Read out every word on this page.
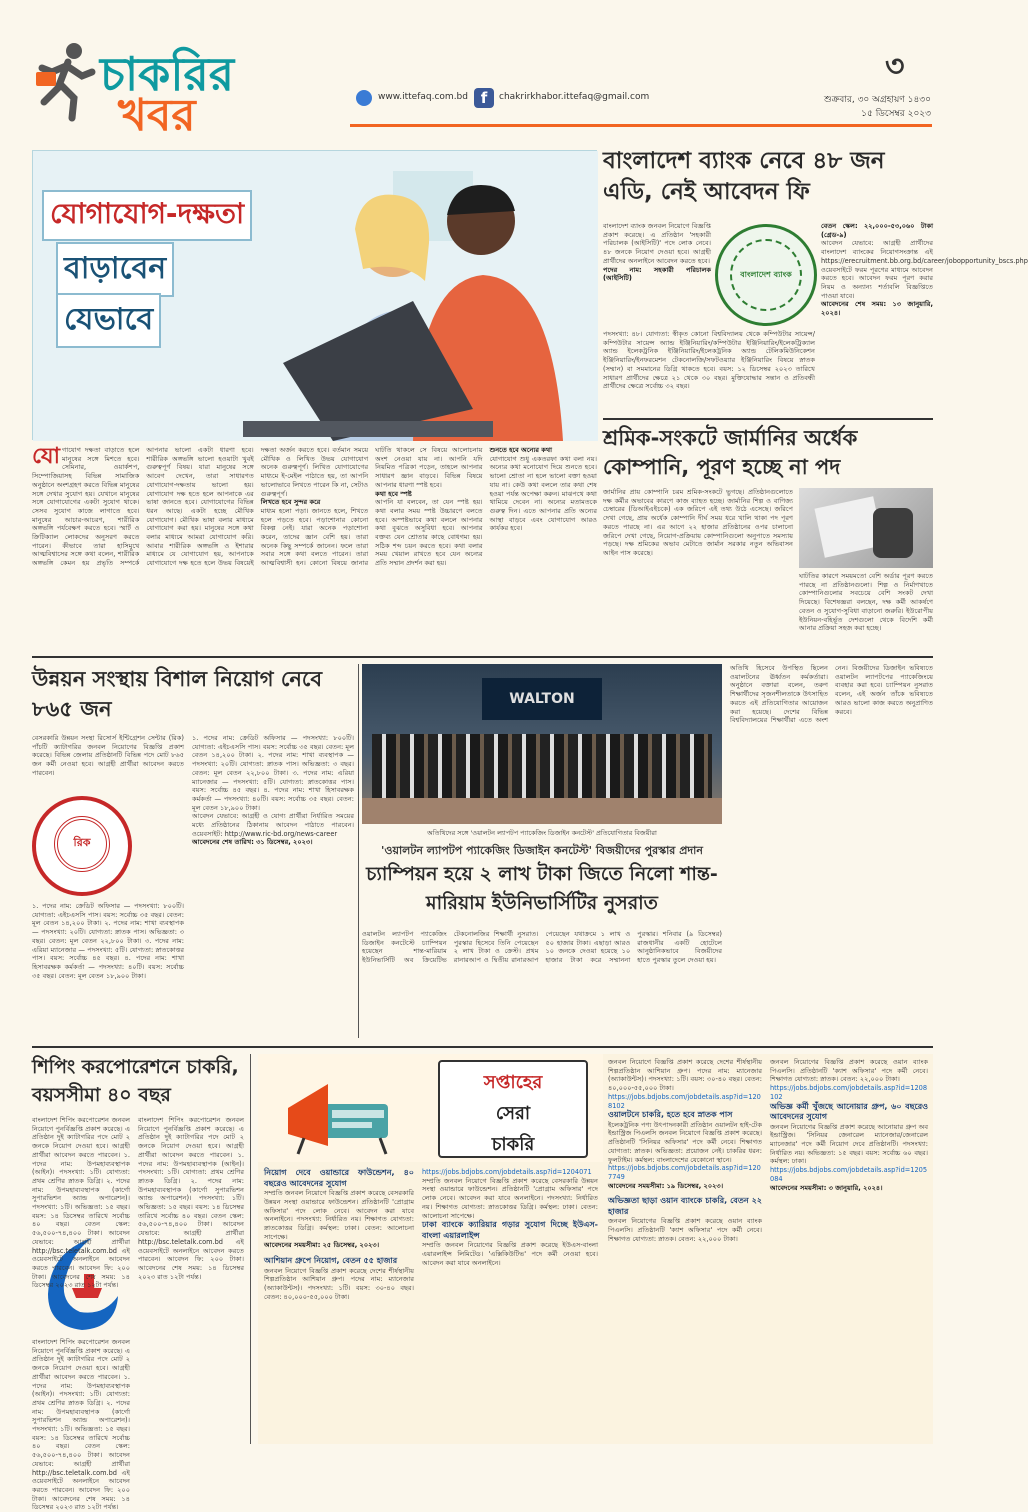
চাকরির
খবর	www.ittefaq.com.bd f	chakrirkhabor.ittefaq@gmail.com
৩
শুক্রবার, ৩০ অগ্রহায়ণ ১৪৩০
১৫ ডিসেম্বর ২০২৩
যোগাযোগ-দক্ষতা
বাড়াবেন
যেভাবে
যো গাযোগ দক্ষতা বাড়াতে হলে মানুষের সঙ্গে মিশতে হবে। সেমিনার, ওয়ার্কশপ, সিম্পোজিয়াসহ বিভিন্ন সামাজিক অনুষ্ঠানে অংশগ্রহণ করতে বিভিন্ন মানুষের সঙ্গে দেখার সুযোগ হয়। যেখানে মানুষের সঙ্গে যোগাযোগের একটা সুযোগ থাকে। সেসব সুযোগ কাজে লাগাতে হবে। মানুষের আচার-আচরণ, শারীরিক অঙ্গভঙ্গি পর্যবেক্ষণ করতে হবে। স্মার্ট ও ক্রিটিক্যাল লোকদের অনুসরণ করতে পারেন। কীভাবে তারা হাসিমুখে আত্মবিশ্বাসের সঙ্গে কথা বলেন, শারীরিক অঙ্গভঙ্গি কেমন হয় প্রভৃতি সম্পর্কে আপনার ভালো একটা ধারণা হবে। শারীরিক অঙ্গভঙ্গি ভালো হওয়াটা খুবই গুরুত্বপূর্ণ বিষয়। যারা মানুষের সঙ্গে আবেগ দেখেন, তারা সাধারণত যোগাযোগ-দক্ষতায় ভালো হয়। যোগাযোগ দক্ষ হতে হলে আপনাকে এর ভাষা জানতে হবে। যোগাযোগের বিভিন্ন ধরন আছে। একটা হচ্ছে মৌখিক যোগাযোগ। মৌখিক ভাষা বলার মাধ্যমে যোগাযোগ করা হয়। মানুষের সঙ্গে কথা বলার মাধ্যমে আমরা যোগাযোগ করি। আবার শারীরিক অঙ্গভঙ্গি ও ইশারার মাধ্যমে যে যোগাযোগ হয়, আপনাকে যোগাযোগে দক্ষ হতে হলে উভয় বিষয়েই দক্ষতা অর্জন করতে হবে। বর্তমান সময়ে মৌখিক ও লিখিত উভয় যোগাযোগ অনেক গুরুত্বপূর্ণ। লিখিত যোগাযোগের মাধ্যমে ই-মেইল পাঠাতে হয়, তা আপনি ভালোভাবে লিখতে পারেন কি না, সেটাও গুরুত্বপূর্ণ।
লিখতে হবে সুন্দর করে
মাধ্যম হলো পড়া। জানতে হলে, শিখতে হলে পড়তে হবে। পড়াশোনার কোনো বিকল্প নেই। যারা অনেক পড়াশোনা করেন, তাদের জ্ঞান বেশি হয়। তারা অনেক কিছু সম্পর্কে জানেন। ফলে তারা সবার সঙ্গে কথা বলতে পারেন। তারা আত্মবিশ্বাসী হন। কোনো বিষয়ে জানার ঘাটতি থাকলে সে বিষয়ে আলোচনায় অংশ নেওয়া যায় না। আপনি যদি নিয়মিত পত্রিকা পড়েন, তাহলে আপনার সাধারণ জ্ঞান বাড়বে। বিভিন্ন বিষয়ে আপনার ধারণা স্পষ্ট হবে।
কথা হবে স্পষ্ট
আপনি যা বলবেন, তা যেন স্পষ্ট হয়। কথা বলার সময় স্পষ্ট উচ্চারণে বলতে হবে। অস্পষ্টভাবে কথা বললে আপনার কথা বুঝতে অসুবিধা হবে। আপনার বক্তব্য যেন শ্রোতার কাছে বোধগম্য হয়। সঠিক শব্দ চয়ন করতে হবে। কথা বলার সময় খেয়াল রাখতে হবে যেন অন্যের প্রতি সম্মান প্রদর্শন করা হয়।
শুনতে হবে অন্যের কথা
যোগাযোগ শুধু একতরফা কথা বলা নয়। অন্যের কথা মনোযোগ দিয়ে শুনতে হবে। ভালো শ্রোতা না হলে ভালো বক্তা হওয়া যায় না। কেউ কথা বললে তার কথা শেষ হওয়া পর্যন্ত অপেক্ষা করুন। মাঝপথে কথা থামিয়ে দেবেন না। অন্যের মতামতকে গুরুত্ব দিন। এতে আপনার প্রতি অন্যের আস্থা বাড়বে এবং যোগাযোগ আরও কার্যকর হবে।
বাংলাদেশ ব্যাংক নেবে ৪৮ জন এডি, নেই আবেদন ফি
বাংলাদেশ ব্যাংক
বাংলাদেশ ব্যাংক জনবল নিয়োগে বিজ্ঞপ্তি প্রকাশ করেছে। এ প্রতিষ্ঠান 'সহকারী পরিচালক (আইসিটি)' পদে লোক নেবে। ৪৮ জনকে নিয়োগ দেওয়া হবে। আগ্রহী প্রার্থীদের অনলাইনে আবেদন করতে হবে।
পদের নাম: সহকারী পরিচালক (আইসিটি)
পদসংখ্যা: ৪৮। যোগ্যতা: স্বীকৃত কোনো বিশ্ববিদ্যালয় থেকে কম্পিউটার সায়েন্স/কম্পিউটার সায়েন্স অ্যান্ড ইঞ্জিনিয়ারিং/কম্পিউটার ইঞ্জিনিয়ারিং/ইলেকট্রিক্যাল অ্যান্ড ইলেকট্রনিক ইঞ্জিনিয়ারিং/ইলেকট্রনিক অ্যান্ড টেলিকমিউনিকেশন ইঞ্জিনিয়ারিং/ইনফরমেশন টেকনোলজি/সফটওয়্যার ইঞ্জিনিয়ারিং বিষয়ে স্নাতক (সম্মান) বা সমমানের ডিগ্রি থাকতে হবে। বয়স: ১২ ডিসেম্বর ২০২৩ তারিখে সাধারণ প্রার্থীদের ক্ষেত্রে ২১ থেকে ৩০ বছর। মুক্তিযোদ্ধার সন্তান ও প্রতিবন্ধী প্রার্থীদের ক্ষেত্রে সর্বোচ্চ ৩২ বছর।
বেতন স্কেল: ২২,০০০-৫৩,০৬০ টাকা (গ্রেড-৯)
আবেদন যেভাবে: আগ্রহী প্রার্থীদের বাংলাদেশ ব্যাংকের নিয়োগসংক্রান্ত এই https://erecruitment.bb.org.bd/career/jobopportunity_bscs.php ওয়েবসাইটে ফরম পূরণের মাধ্যমে আবেদন করতে হবে। আবেদন ফরম পূরণ করার নিয়ম ও অন্যান্য শর্তাবলি বিজ্ঞপ্তিতে পাওয়া যাবে।
আবেদনের শেষ সময়: ১৩ জানুয়ারি, ২০২৪।
শ্রমিক-সংকটে জার্মানির অর্ধেক কোম্পানি, পূরণ হচ্ছে না পদ
জার্মানির প্রায় কোম্পানি চরম শ্রমিক-সংকটে ভুগছে। প্রতিষ্ঠানগুলোতে দক্ষ কর্মীর অভাবের কারণে কাজ ব্যাহত হচ্ছে। জার্মানির শিল্প ও বাণিজ্য চেম্বারের (ডিআইএইচকে) এক জরিপে এই তথ্য উঠে এসেছে। জরিপে দেখা গেছে, প্রায় অর্ধেক কোম্পানি দীর্ঘ সময় ধরে খালি থাকা পদ পূরণ করতে পারছে না। এর আগে ২২ হাজার প্রতিষ্ঠানের ওপর চালানো জরিপে দেখা গেছে, নিয়োগ-প্রক্রিয়ায় কোম্পানিগুলো অনুপাতে সমস্যায় পড়ছে। দক্ষ শ্রমিকের অভাব মেটাতে জার্মান সরকার নতুন অভিবাসন আইন পাস করেছে।
ঘাটতির কারণে সময়মতো বেশি অর্ডার পূরণ করতে পারছে না প্রতিষ্ঠানগুলো। শিল্প ও নির্মাণখাতে কোম্পানিগুলোর সবচেয়ে বেশি সংকট দেখা দিয়েছে। বিশেষজ্ঞরা বলছেন, দক্ষ কর্মী আকর্ষণে বেতন ও সুযোগ-সুবিধা বাড়ানো জরুরি। ইউরোপীয় ইউনিয়ন-বহির্ভূত দেশগুলো থেকে বিদেশি কর্মী আনার প্রক্রিয়া সহজ করা হচ্ছে।
উন্নয়ন সংস্থায় বিশাল নিয়োগ নেবে ৮৬৫ জন
বেসরকারি উন্নয়ন সংস্থা রিসোর্স ইন্টিগ্রেশন সেন্টার (রিক) পাঁচটি ক্যাটাগরির জনবল নিয়োগের বিজ্ঞপ্তি প্রকাশ করেছে। বিভিন্ন জেলায় প্রতিষ্ঠানটি বিভিন্ন পদে মোট ৮৬৫ জন কর্মী নেওয়া হবে। আগ্রহী প্রার্থীরা আবেদন করতে পারবেন।
রিক
১. পদের নাম: ক্রেডিট অফিসার — পদসংখ্যা: ৮০০টি। যোগ্যতা: এইচএসসি পাস। বয়স: সর্বোচ্চ ৩৫ বছর। বেতন: মূল বেতন ১৪,২০০ টাকা। ২. পদের নাম: শাখা ব্যবস্থাপক — পদসংখ্যা: ২০টি। যোগ্যতা: স্নাতক পাস। অভিজ্ঞতা: ৩ বছর। বেতন: মূল বেতন ২২,৮০০ টাকা। ৩. পদের নাম: এরিয়া ম্যানেজার — পদসংখ্যা: ৫টি। যোগ্যতা: স্নাতকোত্তর পাস। বয়স: সর্বোচ্চ ৪৫ বছর। ৪. পদের নাম: শাখা হিসাবরক্ষক কর্মকর্তা — পদসংখ্যা: ৪০টি। বয়স: সর্বোচ্চ ৩৫ বছর। বেতন: মূল বেতন ১৮,৯০০ টাকা।
১. পদের নাম: ক্রেডিট অফিসার — পদসংখ্যা: ৮০০টি। যোগ্যতা: এইচএসসি পাস। বয়স: সর্বোচ্চ ৩৫ বছর। বেতন: মূল বেতন ১৪,২০০ টাকা। ২. পদের নাম: শাখা ব্যবস্থাপক — পদসংখ্যা: ২০টি। যোগ্যতা: স্নাতক পাস। অভিজ্ঞতা: ৩ বছর। বেতন: মূল বেতন ২২,৮০০ টাকা। ৩. পদের নাম: এরিয়া ম্যানেজার — পদসংখ্যা: ৫টি। যোগ্যতা: স্নাতকোত্তর পাস। বয়স: সর্বোচ্চ ৪৫ বছর। ৪. পদের নাম: শাখা হিসাবরক্ষক কর্মকর্তা — পদসংখ্যা: ৪০টি। বয়স: সর্বোচ্চ ৩৫ বছর। বেতন: মূল বেতন ১৮,৯০০ টাকা।
আবেদন যেভাবে: আগ্রহী ও যোগ্য প্রার্থীরা নির্ধারিত সময়ের মধ্যে প্রতিষ্ঠানের ঠিকানায় আবেদন পাঠাতে পারবেন। ওয়েবসাইট: http://www.ric-bd.org/news-career
আবেদনের শেষ তারিখ: ৩১ ডিসেম্বর, ২০২৩।
WALTON
অতিথিদের সঙ্গে 'ওয়ালটন ল্যাপটপ প্যাকেজিং ডিজাইন কনটেস্ট' প্রতিযোগিতার বিজয়ীরা
'ওয়ালটন ল্যাপটপ প্যাকেজিং ডিজাইন কনটেস্ট' বিজয়ীদের পুরস্কার প্রদান
চ্যাম্পিয়ন হয়ে ২ লাখ টাকা জিতে নিলো শান্ত-মারিয়াম ইউনিভার্সিটির নুসরাত
ওয়ালটন ল্যাপটপ প্যাকেজিং ডিজাইন কনটেস্টে চ্যাম্পিয়ন হয়েছেন শান্ত-মারিয়াম ইউনিভার্সিটি অব ক্রিয়েটিভ টেকনোলজির শিক্ষার্থী নুসরাত। পুরস্কার হিসেবে তিনি পেয়েছেন ২ লাখ টাকা ও ক্রেস্ট। প্রথম রানারআপ ও দ্বিতীয় রানারআপ পেয়েছেন যথাক্রমে ১ লাখ ও ৫০ হাজার টাকা। এছাড়া আরও ১০ জনকে দেওয়া হয়েছে ১০ হাজার টাকা করে সম্মাননা পুরস্কার। শনিবার (৯ ডিসেম্বর) রাজধানীর একটি হোটেলে আনুষ্ঠানিকভাবে বিজয়ীদের হাতে পুরস্কার তুলে দেওয়া হয়।
অতিথি হিসেবে উপস্থিত ছিলেন ওয়ালটনের ঊর্ধ্বতন কর্মকর্তারা। অনুষ্ঠানে বক্তারা বলেন, তরুণ শিক্ষার্থীদের সৃজনশীলতাকে উৎসাহিত করতে এই প্রতিযোগিতার আয়োজন করা হয়েছে। দেশের বিভিন্ন বিশ্ববিদ্যালয়ের শিক্ষার্থীরা এতে অংশ নেন। বিজয়ীদের ডিজাইন ভবিষ্যতে ওয়ালটন ল্যাপটপের প্যাকেজিংয়ে ব্যবহার করা হবে। চ্যাম্পিয়ন নুসরাত বলেন, এই অর্জন তাঁকে ভবিষ্যতে আরও ভালো কাজ করতে অনুপ্রাণিত করবে।
শিপিং করপোরেশনে চাকরি, বয়সসীমা ৪০ বছর
বাংলাদেশ শিপিং করপোরেশন জনবল নিয়োগে পুনর্বিজ্ঞপ্তি প্রকাশ করেছে। এ প্রতিষ্ঠান দুই ক্যাটাগরির পদে মোট ২ জনকে নিয়োগ দেওয়া হবে। আগ্রহী প্রার্থীরা আবেদন করতে পারবেন। ১. পদের নাম: উপমহাব্যবস্থাপক (আইন)। পদসংখ্যা: ১টি। যোগ্যতা: প্রথম শ্রেণির স্নাতক ডিগ্রি। ২. পদের নাম: উপমহাব্যবস্থাপক (কার্গো সুপারভিশন অ্যান্ড অপারেশন)। পদসংখ্যা: ১টি। অভিজ্ঞতা: ১৫ বছর। বয়স: ১৪ ডিসেম্বর তারিখে সর্বোচ্চ ৪০ বছর। বেতন স্কেল: ৫৬,৫০০-৭৪,৪০০ টাকা। আবেদন যেভাবে: আগ্রহী প্রার্থীরা http://bsc.teletalk.com.bd এই ওয়েবসাইটে অনলাইনে আবেদন করতে পারবেন। আবেদন ফি: ২০০ টাকা। আবেদনের শেষ সময়: ১৪ ডিসেম্বর ২০২৩ রাত ১২টা পর্যন্ত।
বাংলাদেশ শিপিং করপোরেশন জনবল নিয়োগে পুনর্বিজ্ঞপ্তি প্রকাশ করেছে। এ প্রতিষ্ঠান দুই ক্যাটাগরির পদে মোট ২ জনকে নিয়োগ দেওয়া হবে। আগ্রহী প্রার্থীরা আবেদন করতে পারবেন। ১. পদের নাম: উপমহাব্যবস্থাপক (আইন)। পদসংখ্যা: ১টি। যোগ্যতা: প্রথম শ্রেণির স্নাতক ডিগ্রি। ২. পদের নাম: উপমহাব্যবস্থাপক (কার্গো সুপারভিশন অ্যান্ড অপারেশন)। পদসংখ্যা: ১টি। অভিজ্ঞতা: ১৫ বছর। বয়স: ১৪ ডিসেম্বর তারিখে সর্বোচ্চ ৪০ বছর। বেতন স্কেল: ৫৬,৫০০-৭৪,৪০০ টাকা। আবেদন যেভাবে: আগ্রহী প্রার্থীরা http://bsc.teletalk.com.bd এই ওয়েবসাইটে অনলাইনে আবেদন করতে পারবেন। আবেদন ফি: ২০০ টাকা। আবেদনের শেষ সময়: ১৪ ডিসেম্বর ২০২৩ রাত ১২টা পর্যন্ত।
বাংলাদেশ শিপিং করপোরেশন জনবল নিয়োগে পুনর্বিজ্ঞপ্তি প্রকাশ করেছে। এ প্রতিষ্ঠান দুই ক্যাটাগরির পদে মোট ২ জনকে নিয়োগ দেওয়া হবে। আগ্রহী প্রার্থীরা আবেদন করতে পারবেন। ১. পদের নাম: উপমহাব্যবস্থাপক (আইন)। পদসংখ্যা: ১টি। যোগ্যতা: প্রথম শ্রেণির স্নাতক ডিগ্রি। ২. পদের নাম: উপমহাব্যবস্থাপক (কার্গো সুপারভিশন অ্যান্ড অপারেশন)। পদসংখ্যা: ১টি। অভিজ্ঞতা: ১৫ বছর। বয়স: ১৪ ডিসেম্বর তারিখে সর্বোচ্চ ৪০ বছর। বেতন স্কেল: ৫৬,৫০০-৭৪,৪০০ টাকা। আবেদন যেভাবে: আগ্রহী প্রার্থীরা http://bsc.teletalk.com.bd এই ওয়েবসাইটে অনলাইনে আবেদন করতে পারবেন। আবেদন ফি: ২০০ টাকা। আবেদনের শেষ সময়: ১৪ ডিসেম্বর ২০২৩ রাত ১২টা পর্যন্ত।
সপ্তাহের
সেরা
চাকরি
নিয়োগ দেবে ওয়ান্ডারে ফাউন্ডেশন, ৪০ বছরেও আবেদনের সুযোগ
সম্প্রতি জনবল নিয়োগে বিজ্ঞপ্তি প্রকাশ করেছে বেসরকারি উন্নয়ন সংস্থা ওয়ান্ডারে ফাউন্ডেশন। প্রতিষ্ঠানটি 'প্রোগ্রাম অফিসার' পদে লোক নেবে। আবেদন করা যাবে অনলাইনে। পদসংখ্যা: নির্ধারিত নয়। শিক্ষাগত যোগ্যতা: স্নাতকোত্তর ডিগ্রি। কর্মস্থল: ঢাকা। বেতন: আলোচনা সাপেক্ষে।
আবেদনের সময়সীমা: ২৫ ডিসেম্বর, ২০২৩।
আশিয়ান গ্রুপে নিয়োগ, বেতন ৫৫ হাজার
জনবল নিয়োগে বিজ্ঞপ্তি প্রকাশ করেছে দেশের শীর্ষস্থানীয় শিল্পপ্রতিষ্ঠান আশিয়ান গ্রুপ। পদের নাম: ম্যানেজার (অ্যাকাউন্টস)। পদসংখ্যা: ১টি। বয়স: ৩০-৪০ বছর। বেতন: ৪০,০০০-৫৫,০০০ টাকা।
https://jobs.bdjobs.com/jobdetails.asp?id=1204071
সম্প্রতি জনবল নিয়োগে বিজ্ঞপ্তি প্রকাশ করেছে বেসরকারি উন্নয়ন সংস্থা ওয়ান্ডারে ফাউন্ডেশন। প্রতিষ্ঠানটি 'প্রোগ্রাম অফিসার' পদে লোক নেবে। আবেদন করা যাবে অনলাইনে। পদসংখ্যা: নির্ধারিত নয়। শিক্ষাগত যোগ্যতা: স্নাতকোত্তর ডিগ্রি। কর্মস্থল: ঢাকা। বেতন: আলোচনা সাপেক্ষে।
ঢাকা ব্যাংকে ক্যারিয়ার গড়ার সুযোগ দিচ্ছে ইউএস-বাংলা এয়ারলাইন্স
সম্প্রতি জনবল নিয়োগের বিজ্ঞপ্তি প্রকাশ করেছে ইউএস-বাংলা এয়ারলাইন্স লিমিটেড। 'এক্সিকিউটিভ' পদে কর্মী নেওয়া হবে। আবেদন করা যাবে অনলাইনে।
জনবল নিয়োগে বিজ্ঞপ্তি প্রকাশ করেছে দেশের শীর্ষস্থানীয় শিল্পপ্রতিষ্ঠান আশিয়ান গ্রুপ। পদের নাম: ম্যানেজার (অ্যাকাউন্টস)। পদসংখ্যা: ১টি। বয়স: ৩০-৪০ বছর। বেতন: ৪০,০০০-৫৫,০০০ টাকা।
https://jobs.bdjobs.com/jobdetails.asp?id=1208102
ওয়ালটনে চাকরি, হতে হবে স্নাতক পাস
ইলেকট্রনিক পণ্য উৎপাদনকারী প্রতিষ্ঠান ওয়ালটন হাই-টেক ইন্ডাস্ট্রিজ পিএলসি জনবল নিয়োগে বিজ্ঞপ্তি প্রকাশ করেছে। প্রতিষ্ঠানটি 'সিনিয়র অফিসার' পদে কর্মী নেবে। শিক্ষাগত যোগ্যতা: স্নাতক। অভিজ্ঞতা: প্রয়োজন নেই। চাকরির ধরন: ফুলটাইম। কর্মস্থল: বাংলাদেশের যেকোনো স্থানে।
https://jobs.bdjobs.com/jobdetails.asp?id=1207749
আবেদনের সময়সীমা: ১৯ ডিসেম্বর, ২০২৩।
অভিজ্ঞতা ছাড়া ওয়ান ব্যাংকে চাকরি, বেতন ২২ হাজার
জনবল নিয়োগের বিজ্ঞপ্তি প্রকাশ করেছে ওয়ান ব্যাংক পিএলসি। প্রতিষ্ঠানটি 'ক্যাশ অফিসার' পদে কর্মী নেবে। শিক্ষাগত যোগ্যতা: স্নাতক। বেতন: ২২,০০০ টাকা।
জনবল নিয়োগের বিজ্ঞপ্তি প্রকাশ করেছে ওয়ান ব্যাংক পিএলসি। প্রতিষ্ঠানটি 'ক্যাশ অফিসার' পদে কর্মী নেবে। শিক্ষাগত যোগ্যতা: স্নাতক। বেতন: ২২,০০০ টাকা।
https://jobs.bdjobs.com/jobdetails.asp?id=1208102
অভিজ্ঞ কর্মী খুঁজছে আনোয়ার গ্রুপ, ৬০ বছরেও আবেদনের সুযোগ
জনবল নিয়োগের বিজ্ঞপ্তি প্রকাশ করেছে আনোয়ার গ্রুপ অব ইন্ডাস্ট্রিজ। 'সিনিয়র জেনারেল ম্যানেজার/জেনারেল ম্যানেজার' পদে কর্মী নিয়োগ দেবে প্রতিষ্ঠানটি। পদসংখ্যা: নির্ধারিত নয়। অভিজ্ঞতা: ১৫ বছর। বয়স: সর্বোচ্চ ৬০ বছর। কর্মস্থল: ঢাকা।
https://jobs.bdjobs.com/jobdetails.asp?id=1205084
আবেদনের সময়সীমা: ৩ জানুয়ারি, ২০২৪।
